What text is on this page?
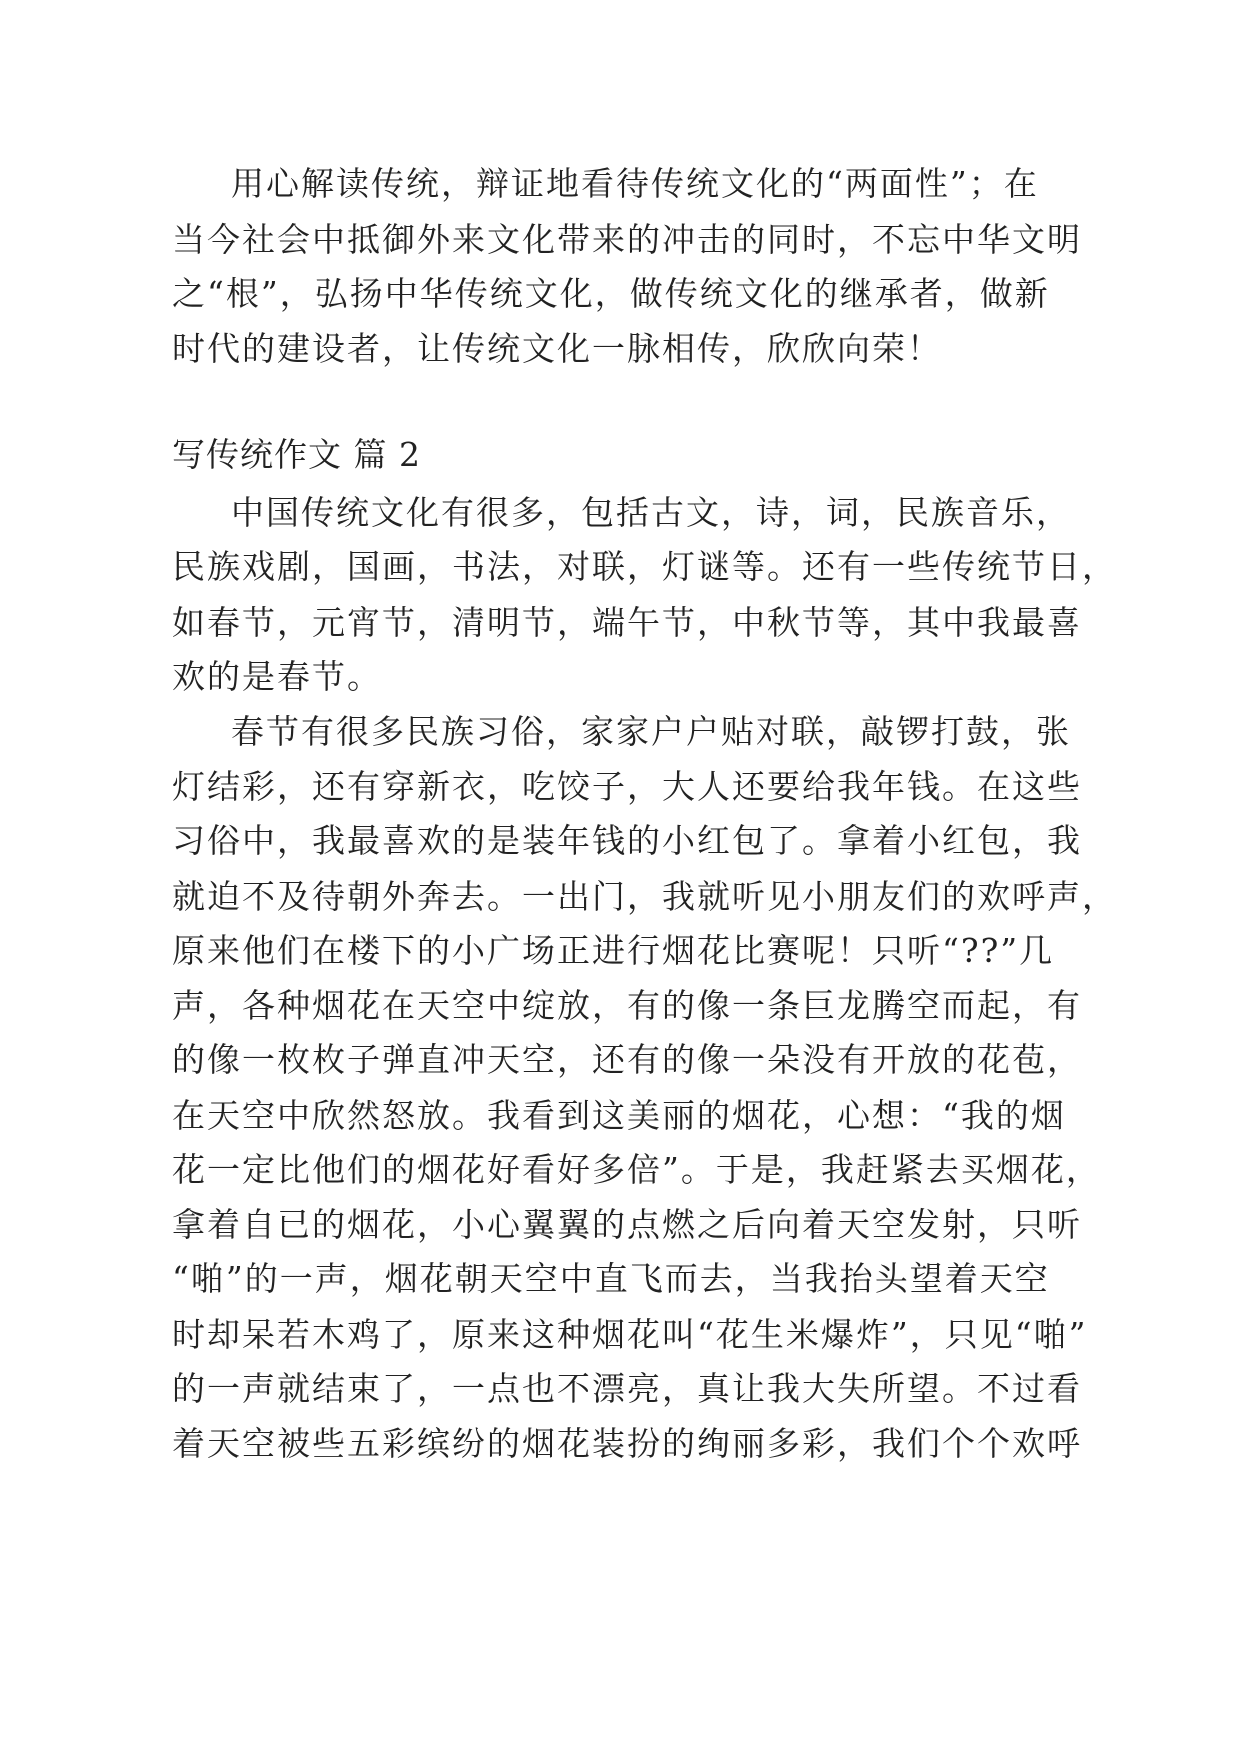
用心解读传统，辩证地看待传统文化的“两面性”；在
当今社会中抵御外来文化带来的冲击的同时，不忘中华文明
之“根”，弘扬中华传统文化，做传统文化的继承者，做新
时代的建设者，让传统文化一脉相传，欣欣向荣！
写传统作文 篇 2
中国传统文化有很多，包括古文，诗，词，民族音乐，
民族戏剧，国画，书法，对联，灯谜等。还有一些传统节日，
如春节，元宵节，清明节，端午节，中秋节等，其中我最喜
欢的是春节。
春节有很多民族习俗，家家户户贴对联，敲锣打鼓，张
灯结彩，还有穿新衣，吃饺子，大人还要给我年钱。在这些
习俗中，我最喜欢的是装年钱的小红包了。拿着小红包，我
就迫不及待朝外奔去。一出门，我就听见小朋友们的欢呼声，
原来他们在楼下的小广场正进行烟花比赛呢！只听“??”几
声，各种烟花在天空中绽放，有的像一条巨龙腾空而起，有
的像一枚枚子弹直冲天空，还有的像一朵没有开放的花苞，
在天空中欣然怒放。我看到这美丽的烟花，心想：“我的烟
花一定比他们的烟花好看好多倍”。于是，我赶紧去买烟花，
拿着自已的烟花，小心翼翼的点燃之后向着天空发射，只听
“啪”的一声，烟花朝天空中直飞而去，当我抬头望着天空
时却呆若木鸡了，原来这种烟花叫“花生米爆炸”，只见“啪”
的一声就结束了，一点也不漂亮，真让我大失所望。不过看
着天空被些五彩缤纷的烟花装扮的绚丽多彩，我们个个欢呼
